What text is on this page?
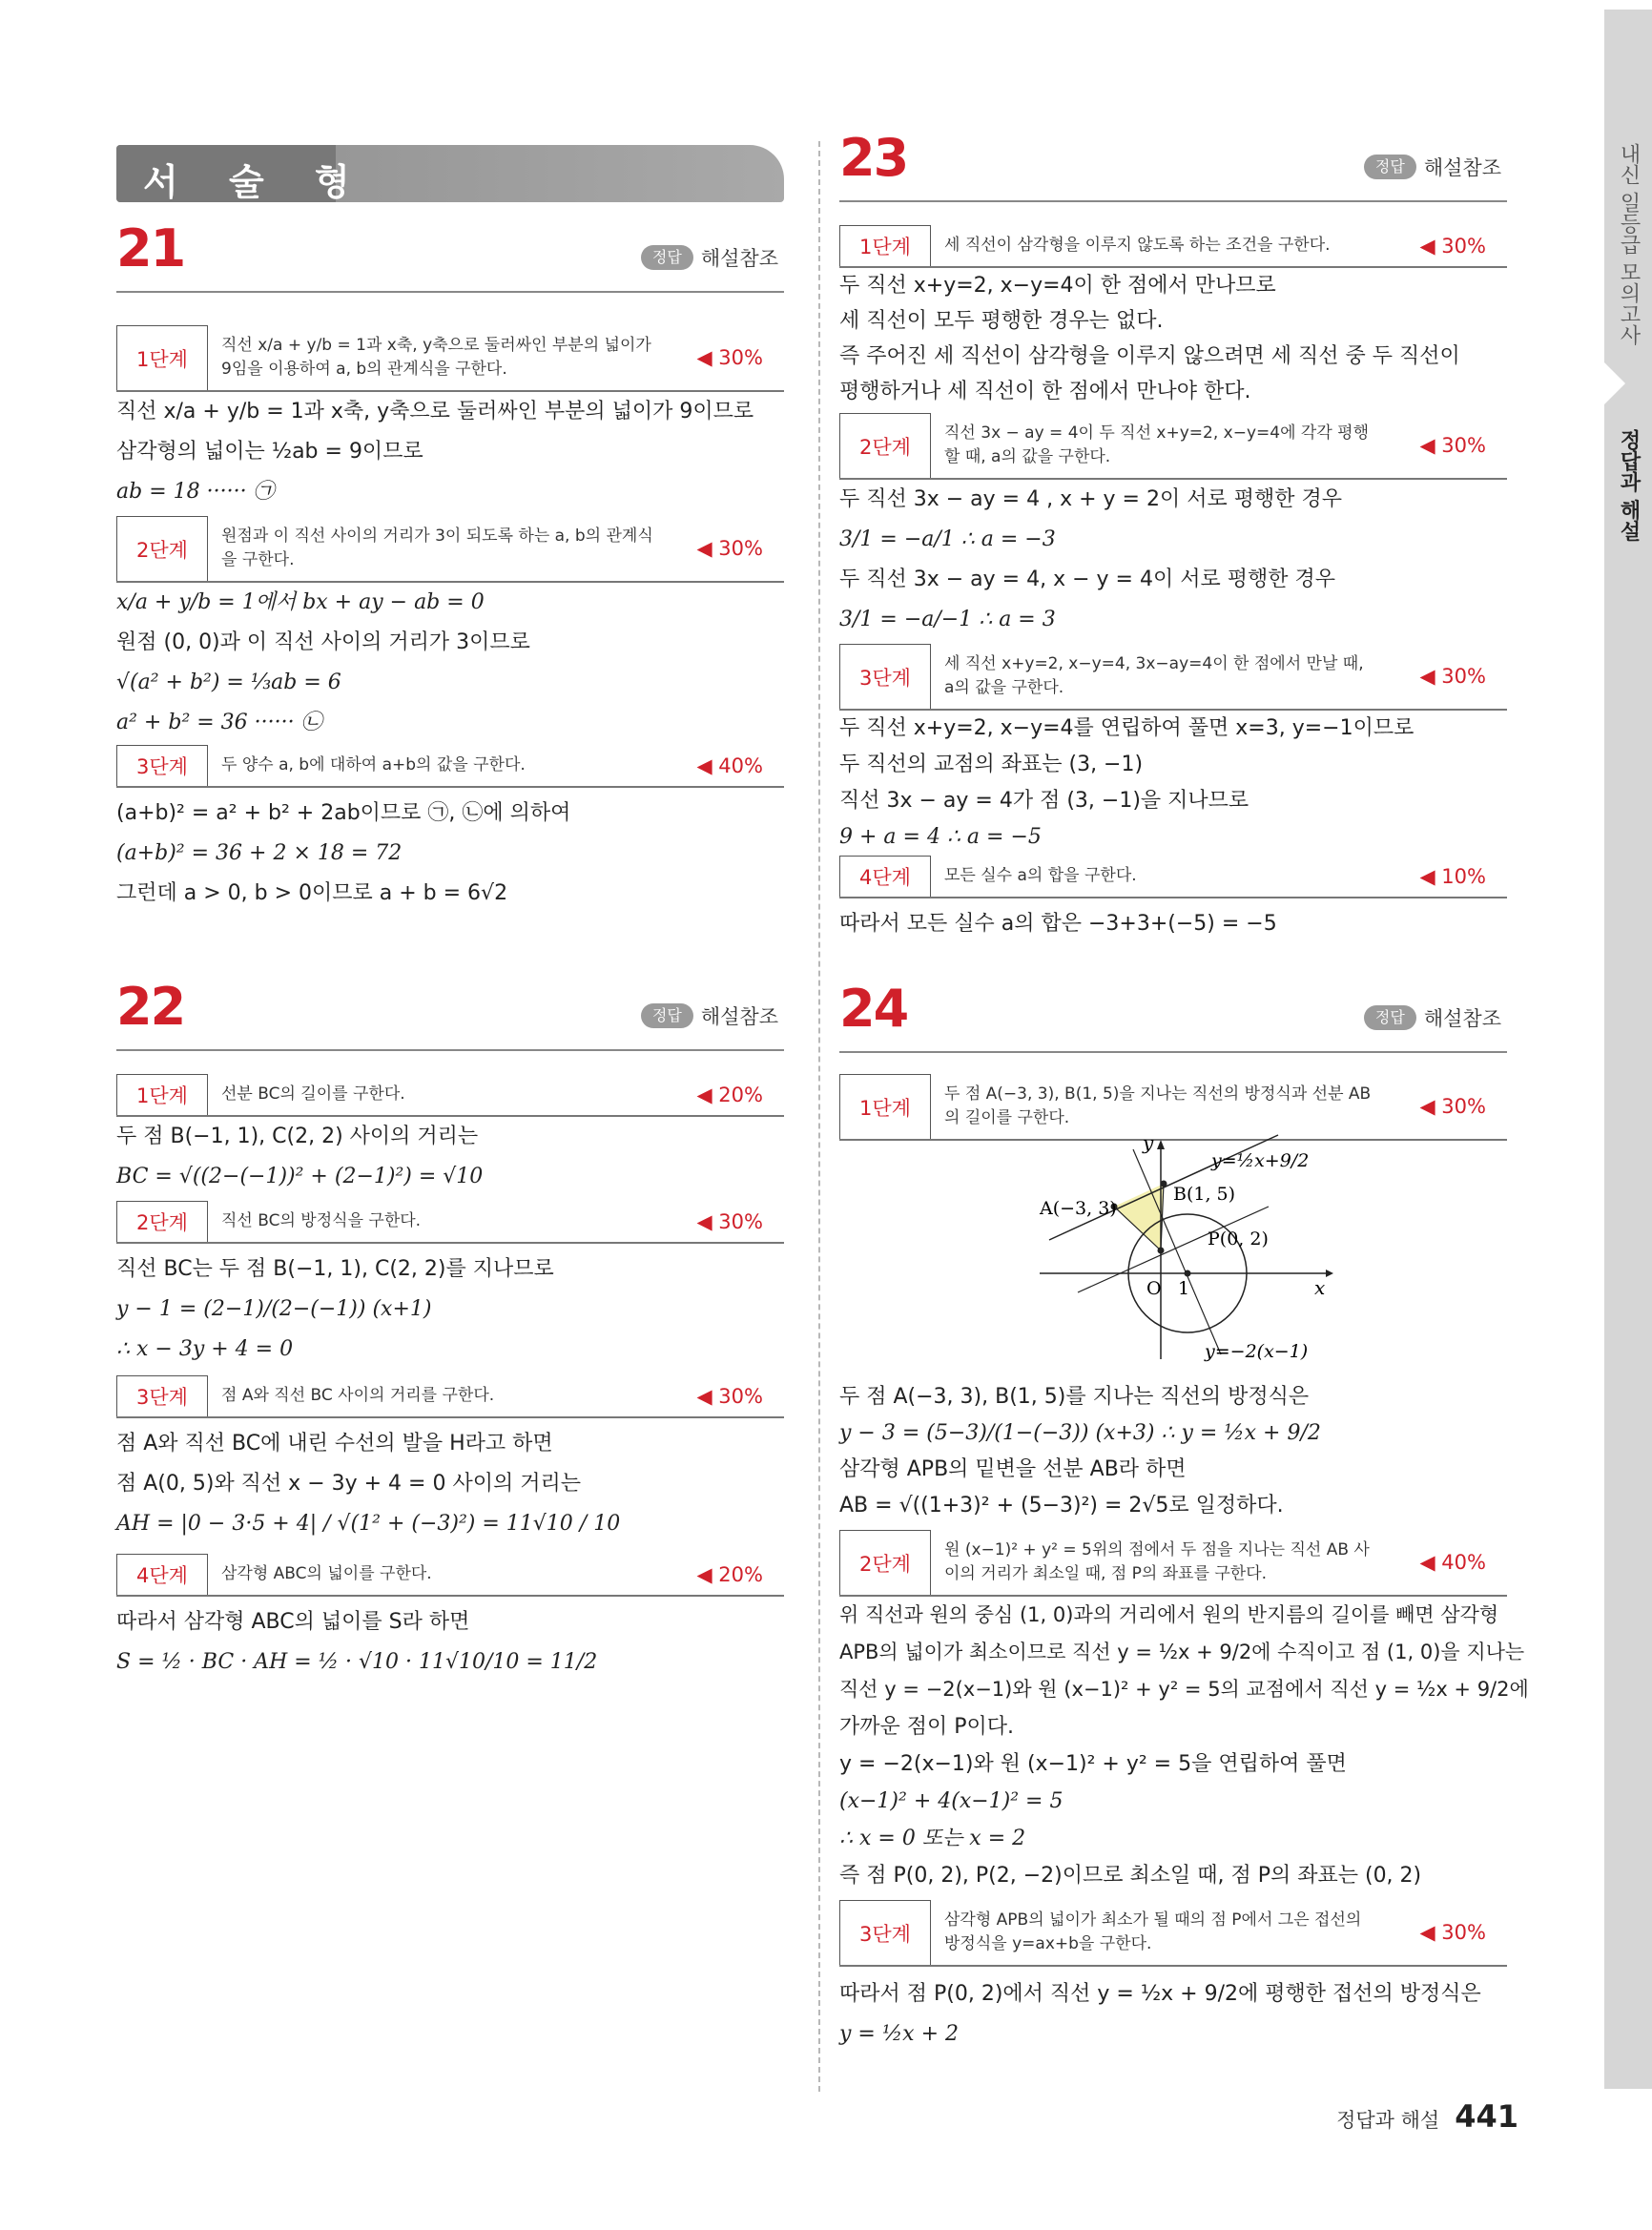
서 술 형
21	정답 해설참조
1단계
직선 x/a + y/b = 1과 x축, y축으로 둘러싸인 부분의 넓이가 9임을 이용하여 a, b의 관계식을 구한다.	◀ 30%
직선 x/a + y/b = 1과 x축, y축으로 둘러싸인 부분의 넓이가 9이므로
삼각형의 넓이는 ½ab = 9이므로
ab = 18 ······ ㉠
2단계
원점과 이 직선 사이의 거리가 3이 되도록 하는 a, b의 관계식을 구한다.	◀ 30%
x/a + y/b = 1에서 bx + ay − ab = 0
원점 (0, 0)과 이 직선 사이의 거리가 3이므로
√(a² + b²) = ⅓ab = 6
a² + b² = 36 ······ ㉡
3단계	두 양수 a, b에 대하여 a+b의 값을 구한다.	◀ 40%
(a+b)² = a² + b² + 2ab이므로 ㉠, ㉡에 의하여
(a+b)² = 36 + 2 × 18 = 72
그런데 a > 0, b > 0이므로 a + b = 6√2
22	정답 해설참조
1단계	선분 BC의 길이를 구한다.	◀ 20%
두 점 B(−1, 1), C(2, 2) 사이의 거리는
BC = √((2−(−1))² + (2−1)²) = √10
2단계	직선 BC의 방정식을 구한다.	◀ 30%
직선 BC는 두 점 B(−1, 1), C(2, 2)를 지나므로
y − 1 = (2−1)/(2−(−1)) (x+1)
∴ x − 3y + 4 = 0
3단계	점 A와 직선 BC 사이의 거리를 구한다.	◀ 30%
점 A와 직선 BC에 내린 수선의 발을 H라고 하면
점 A(0, 5)와 직선 x − 3y + 4 = 0 사이의 거리는
AH = |0 − 3·5 + 4| / √(1² + (−3)²) = 11√10 / 10
4단계	삼각형 ABC의 넓이를 구한다.	◀ 20%
따라서 삼각형 ABC의 넓이를 S라 하면
S = ½ · BC · AH = ½ · √10 · 11√10/10 = 11/2
23	정답 해설참조
1단계	세 직선이 삼각형을 이루지 않도록 하는 조건을 구한다.	◀ 30%
두 직선 x+y=2, x−y=4이 한 점에서 만나므로
세 직선이 모두 평행한 경우는 없다.
즉 주어진 세 직선이 삼각형을 이루지 않으려면 세 직선 중 두 직선이
평행하거나 세 직선이 한 점에서 만나야 한다.
2단계
직선 3x − ay = 4이 두 직선 x+y=2, x−y=4에 각각 평행할 때, a의 값을 구한다.	◀ 30%
두 직선 3x − ay = 4 , x + y = 2이 서로 평행한 경우
3/1 = −a/1 ∴ a = −3
두 직선 3x − ay = 4, x − y = 4이 서로 평행한 경우
3/1 = −a/−1 ∴ a = 3
3단계
세 직선 x+y=2, x−y=4, 3x−ay=4이 한 점에서 만날 때, a의 값을 구한다.	◀ 30%
두 직선 x+y=2, x−y=4를 연립하여 풀면 x=3, y=−1이므로
두 직선의 교점의 좌표는 (3, −1)
직선 3x − ay = 4가 점 (3, −1)을 지나므로
9 + a = 4 ∴ a = −5
4단계	모든 실수 a의 합을 구한다.	◀ 10%
따라서 모든 실수 a의 합은 −3+3+(−5) = −5
24	정답 해설참조
1단계
두 점 A(−3, 3), B(1, 5)을 지나는 직선의 방정식과 선분 AB의 길이를 구한다.	◀ 30%
두 점 A(−3, 3), B(1, 5)를 지나는 직선의 방정식은
y − 3 = (5−3)/(1−(−3)) (x+3) ∴ y = ½x + 9/2
삼각형 APB의 밑변을 선분 AB라 하면
AB = √((1+3)² + (5−3)²) = 2√5로 일정하다.
2단계
원 (x−1)² + y² = 5위의 점에서 두 점을 지나는 직선 AB 사이의 거리가 최소일 때, 점 P의 좌표를 구한다.	◀ 40%
위 직선과 원의 중심 (1, 0)과의 거리에서 원의 반지름의 길이를 빼면 삼각형
APB의 넓이가 최소이므로 직선 y = ½x + 9/2에 수직이고 점 (1, 0)을 지나는
직선 y = −2(x−1)와 원 (x−1)² + y² = 5의 교점에서 직선 y = ½x + 9/2에
가까운 점이 P이다.
y = −2(x−1)와 원 (x−1)² + y² = 5을 연립하여 풀면
(x−1)² + 4(x−1)² = 5
∴ x = 0 또는 x = 2
즉 점 P(0, 2), P(2, −2)이므로 최소일 때, 점 P의 좌표는 (0, 2)
3단계
삼각형 APB의 넓이가 최소가 될 때의 점 P에서 그은 접선의 방정식을 y=ax+b을 구한다.	◀ 30%
따라서 점 P(0, 2)에서 직선 y = ½x + 9/2에 평행한 접선의 방정식은
y = ½x + 2
y
x
O 1
y=½x+9/2
A(−3, 3)
B(1, 5)
P(0, 2)
y=−2(x−1)
내신 일등급 모의고사
정답과 해설
정답과 해설 441
